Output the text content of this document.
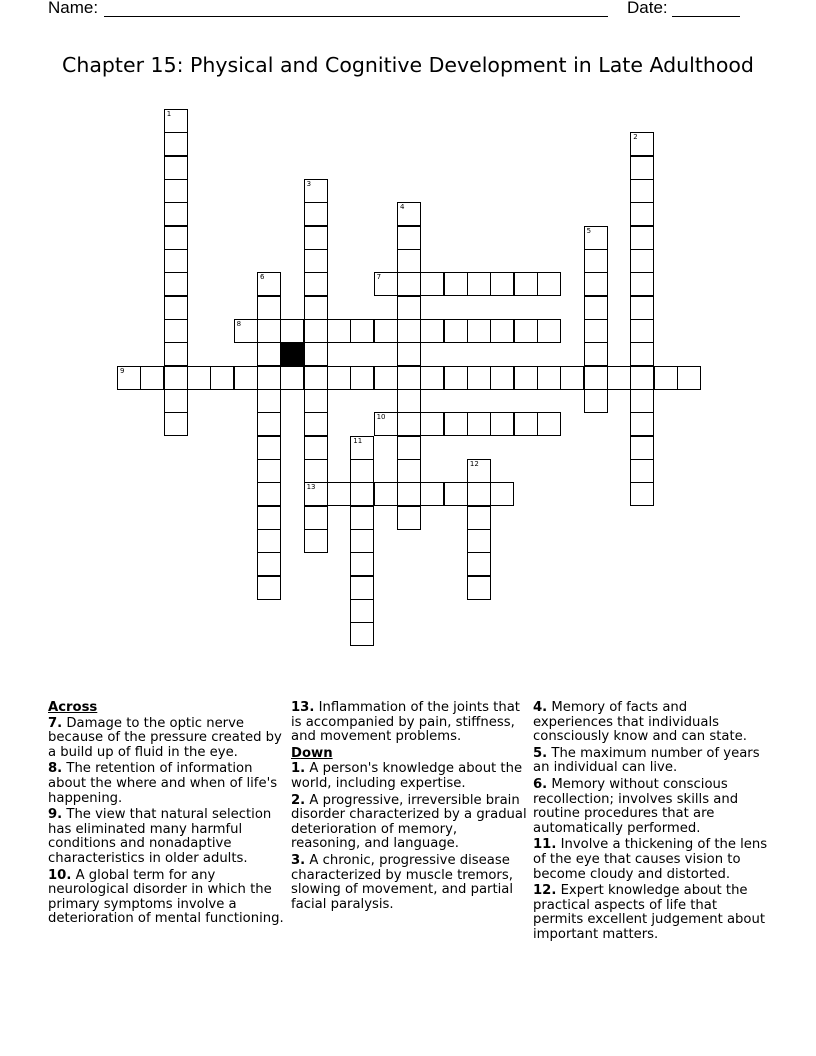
Name:	Date:
Chapter 15: Physical and Cognitive Development in Late Adulthood
1
2
3
13
4
5
6	7
8
9
10
11
12
Across
7. Damage to the optic nerve because of the pressure created by a build up of fluid in the eye.
8. The retention of information about the where and when of life's happening.
9. The view that natural selection has eliminated many harmful conditions and nonadaptive characteristics in older adults.
10. A global term for any neurological disorder in which the primary symptoms involve a deterioration of mental functioning.
13. Inflammation of the joints that is accompanied by pain, stiffness, and movement problems.
Down
1. A person's knowledge about the world, including expertise.
2. A progressive, irreversible brain disorder characterized by a gradual deterioration of memory, reasoning, and language.
3. A chronic, progressive disease characterized by muscle tremors, slowing of movement, and partial facial paralysis.
4. Memory of facts and experiences that individuals consciously know and can state.
5. The maximum number of years an individual can live.
6. Memory without conscious recollection; involves skills and routine procedures that are automatically performed.
11. Involve a thickening of the lens of the eye that causes vision to become cloudy and distorted.
12. Expert knowledge about the practical aspects of life that permits excellent judgement about important matters.
